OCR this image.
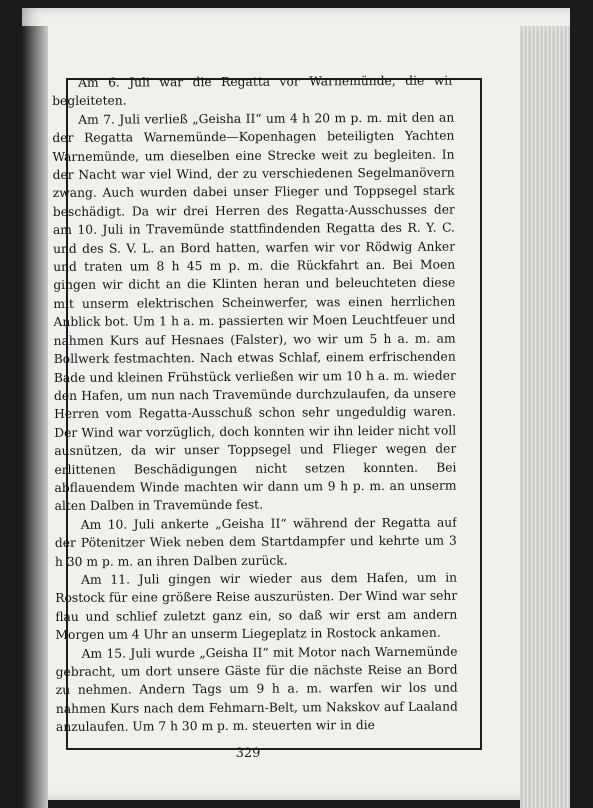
Am 6. Juli war die Regatta vor Warnemünde, die wir begleiteten.

Am 7. Juli verließ „Geisha II“ um 4 h 20 m p. m. mit den an der Regatta Warnemünde—Kopenhagen beteiligten Yachten Warnemünde, um dieselben eine Strecke weit zu begleiten. In der Nacht war viel Wind, der zu verschiedenen Segelmanövern zwang. Auch wurden dabei unser Flieger und Toppsegel stark beschädigt. Da wir drei Herren des Regatta-Ausschusses der am 10. Juli in Travemünde stattfindenden Regatta des R. Y. C. und des S. V. L. an Bord hatten, warfen wir vor Rödwig Anker und traten um 8 h 45 m p. m. die Rückfahrt an. Bei Moen gingen wir dicht an die Klinten heran und beleuchteten diese mit unserm elektrischen Scheinwerfer, was einen herrlichen Anblick bot. Um 1 h a. m. passierten wir Moen Leuchtfeuer und nahmen Kurs auf Hesnaes (Falster), wo wir um 5 h a. m. am Bollwerk festmachten. Nach etwas Schlaf, einem erfrischenden Bade und kleinen Frühstück verließen wir um 10 h a. m. wieder den Hafen, um nun nach Travemünde durchzulaufen, da unsere Herren vom Regatta-Ausschuß schon sehr ungeduldig waren. Der Wind war vorzüglich, doch konnten wir ihn leider nicht voll ausnützen, da wir unser Toppsegel und Flieger wegen der erlittenen Beschädigungen nicht setzen konnten. Bei abflauendem Winde machten wir dann um 9 h p. m. an unserm alten Dalben in Travemünde fest.

Am 10. Juli ankerte „Geisha II“ während der Regatta auf der Pötenitzer Wiek neben dem Startdampfer und kehrte um 3 h 30 m p. m. an ihren Dalben zurück.

Am 11. Juli gingen wir wieder aus dem Hafen, um in Rostock für eine größere Reise auszurüsten. Der Wind war sehr flau und schlief zuletzt ganz ein, so daß wir erst am andern Morgen um 4 Uhr an unserm Liegeplatz in Rostock ankamen.

Am 15. Juli wurde „Geisha II“ mit Motor nach Warnemünde gebracht, um dort unsere Gäste für die nächste Reise an Bord zu nehmen. Andern Tags um 9 h a. m. warfen wir los und nahmen Kurs nach dem Fehmarn-Belt, um Nakskov auf Laaland anzulaufen. Um 7 h 30 m p. m. steuerten wir in die

329
